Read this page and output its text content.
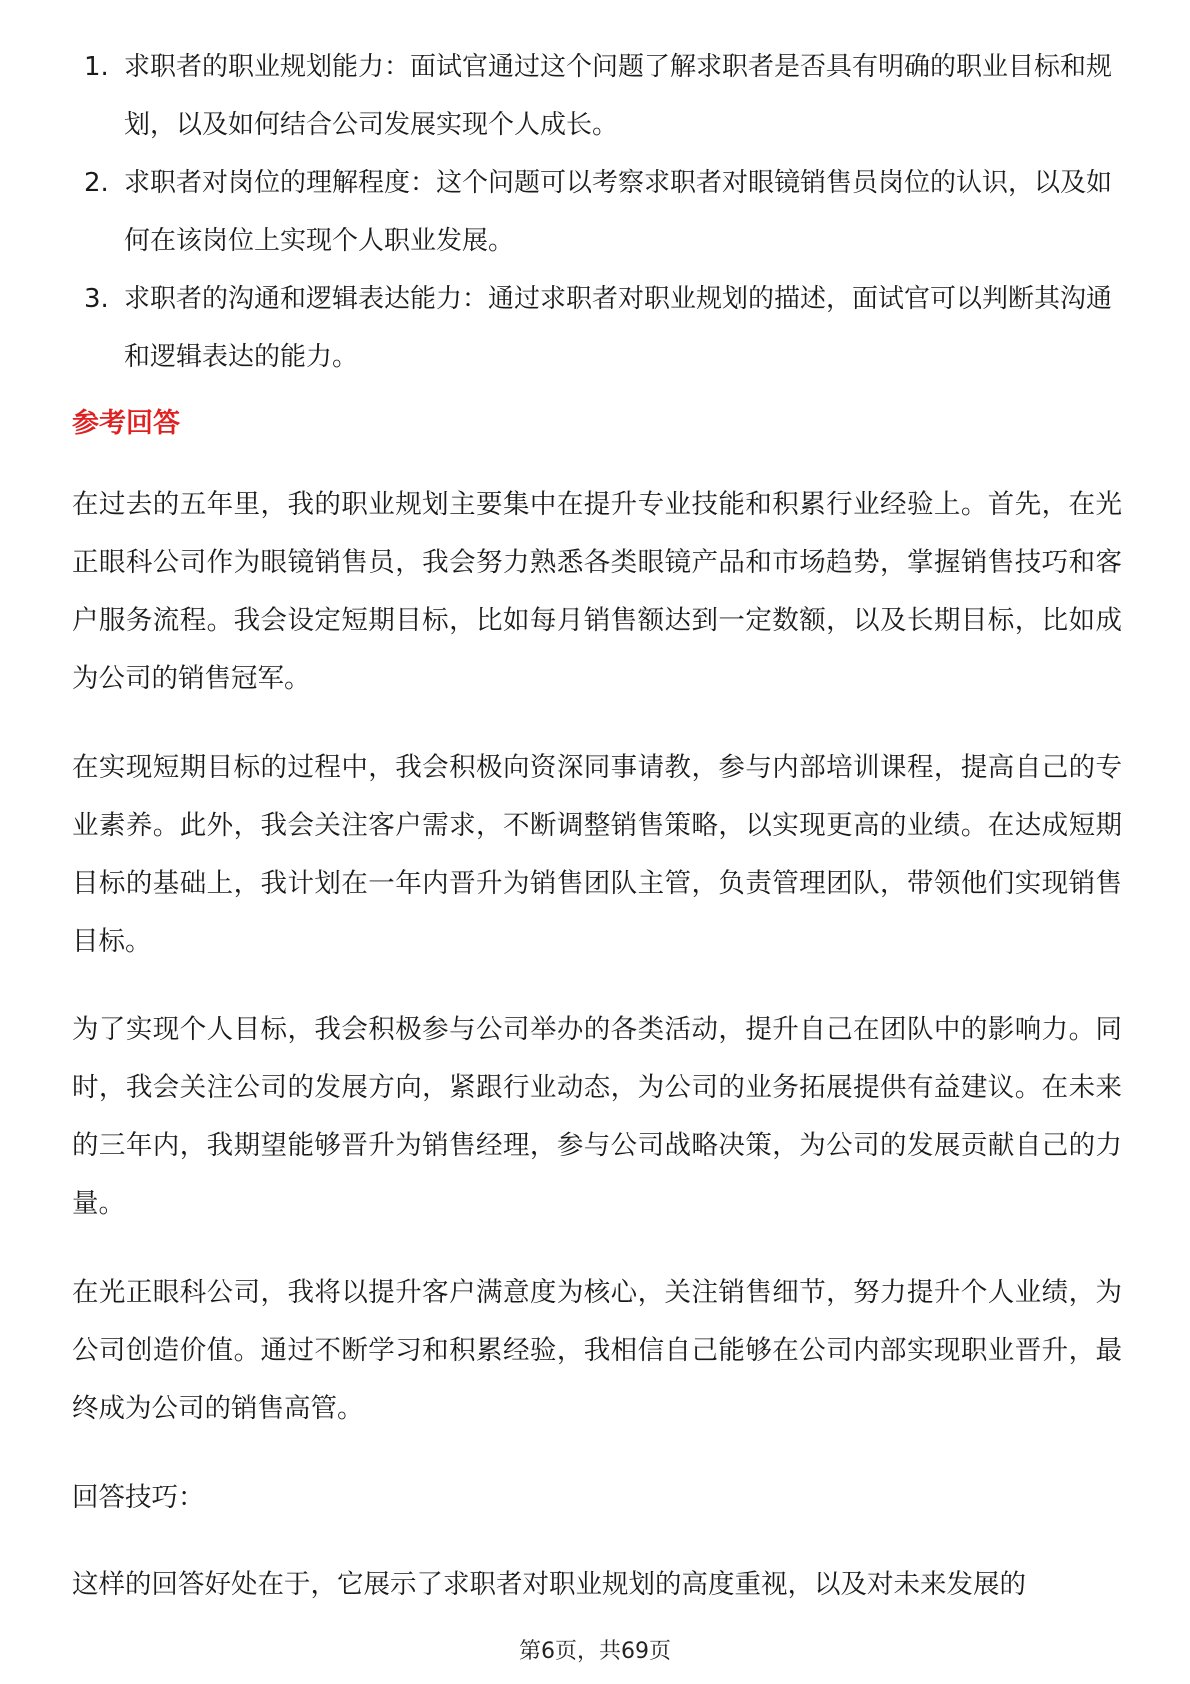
1. 求职者的职业规划能力：面试官通过这个问题了解求职者是否具有明确的职业目标和规划，以及如何结合公司发展实现个人成长。
2. 求职者对岗位的理解程度：这个问题可以考察求职者对眼镜销售员岗位的认识，以及如何在该岗位上实现个人职业发展。
3. 求职者的沟通和逻辑表达能力：通过求职者对职业规划的描述，面试官可以判断其沟通和逻辑表达的能力。
参考回答

在过去的五年里，我的职业规划主要集中在提升专业技能和积累行业经验上。首先，在光正眼科公司作为眼镜销售员，我会努力熟悉各类眼镜产品和市场趋势，掌握销售技巧和客户服务流程。我会设定短期目标，比如每月销售额达到一定数额，以及长期目标，比如成为公司的销售冠军。

在实现短期目标的过程中，我会积极向资深同事请教，参与内部培训课程，提高自己的专业素养。此外，我会关注客户需求，不断调整销售策略，以实现更高的业绩。在达成短期目标的基础上，我计划在一年内晋升为销售团队主管，负责管理团队，带领他们实现销售目标。

为了实现个人目标，我会积极参与公司举办的各类活动，提升自己在团队中的影响力。同时，我会关注公司的发展方向，紧跟行业动态，为公司的业务拓展提供有益建议。在未来的三年内，我期望能够晋升为销售经理，参与公司战略决策，为公司的发展贡献自己的力量。

在光正眼科公司，我将以提升客户满意度为核心，关注销售细节，努力提升个人业绩，为公司创造价值。通过不断学习和积累经验，我相信自己能够在公司内部实现职业晋升，最终成为公司的销售高管。

回答技巧：

这样的回答好处在于，它展示了求职者对职业规划的高度重视，以及对未来发展的

第6页，共69页
